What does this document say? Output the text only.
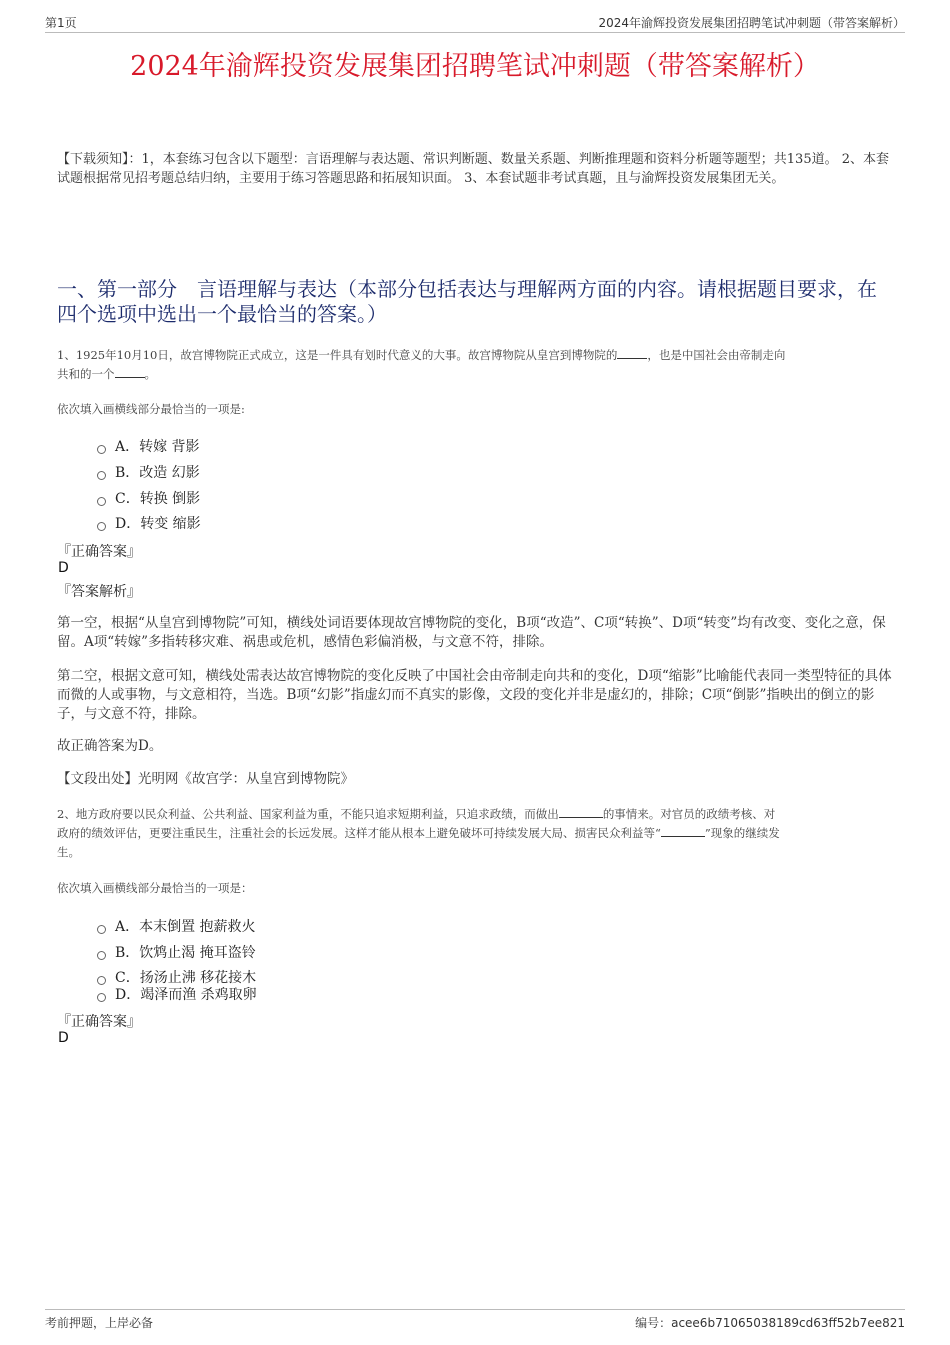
第1页	2024年渝辉投资发展集团招聘笔试冲刺题（带答案解析）
2024年渝辉投资发展集团招聘笔试冲刺题（带答案解析）
【下载须知】：1，本套练习包含以下题型：言语理解与表达题、常识判断题、数量关系题、判断推理题和资料分析题等题型；共135道。 2、本套试题根据常见招考题总结归纳，主要用于练习答题思路和拓展知识面。 3、本套试题非考试真题，且与渝辉投资发展集团无关。
一、第一部分　言语理解与表达（本部分包括表达与理解两方面的内容。请根据题目要求，在四个选项中选出一个最恰当的答案。）
1、1925年10月10日，故宫博物院正式成立，这是一件具有划时代意义的大事。故宫博物院从皇宫到博物院的	，也是中国社会由帝制走向
共和的一个	。
依次填入画横线部分最恰当的一项是:
A．转嫁 背影
B．改造 幻影
C．转换 倒影
D．转变 缩影
『正确答案』
D
『答案解析』
第一空，根据“从皇宫到博物院”可知，横线处词语要体现故宫博物院的变化，B项“改造”、C项“转换”、D项“转变”均有改变、变化之意，保留。A项“转嫁”多指转移灾难、祸患或危机，感情色彩偏消极，与文意不符，排除。
第二空，根据文意可知，横线处需表达故宫博物院的变化反映了中国社会由帝制走向共和的变化，D项“缩影”比喻能代表同一类型特征的具体而微的人或事物，与文意相符，当选。B项“幻影”指虚幻而不真实的影像，文段的变化并非是虚幻的，排除；C项“倒影”指映出的倒立的影子，与文意不符，排除。
故正确答案为D。
【文段出处】光明网《故宫学：从皇宫到博物院》
2、地方政府要以民众利益、公共利益、国家利益为重，不能只追求短期利益，只追求政绩，而做出	的事情来。对官员的政绩考核、对
政府的绩效评估，更要注重民生，注重社会的长远发展。这样才能从根本上避免破坏可持续发展大局、损害民众利益等“	”现象的继续发
生。
依次填入画横线部分最恰当的一项是：
A．本末倒置 抱薪救火
B．饮鸩止渴 掩耳盗铃
C．扬汤止沸 移花接木
D．竭泽而渔 杀鸡取卵
『正确答案』
D
考前押题，上岸必备	编号：acee6b71065038189cd63ff52b7ee821
